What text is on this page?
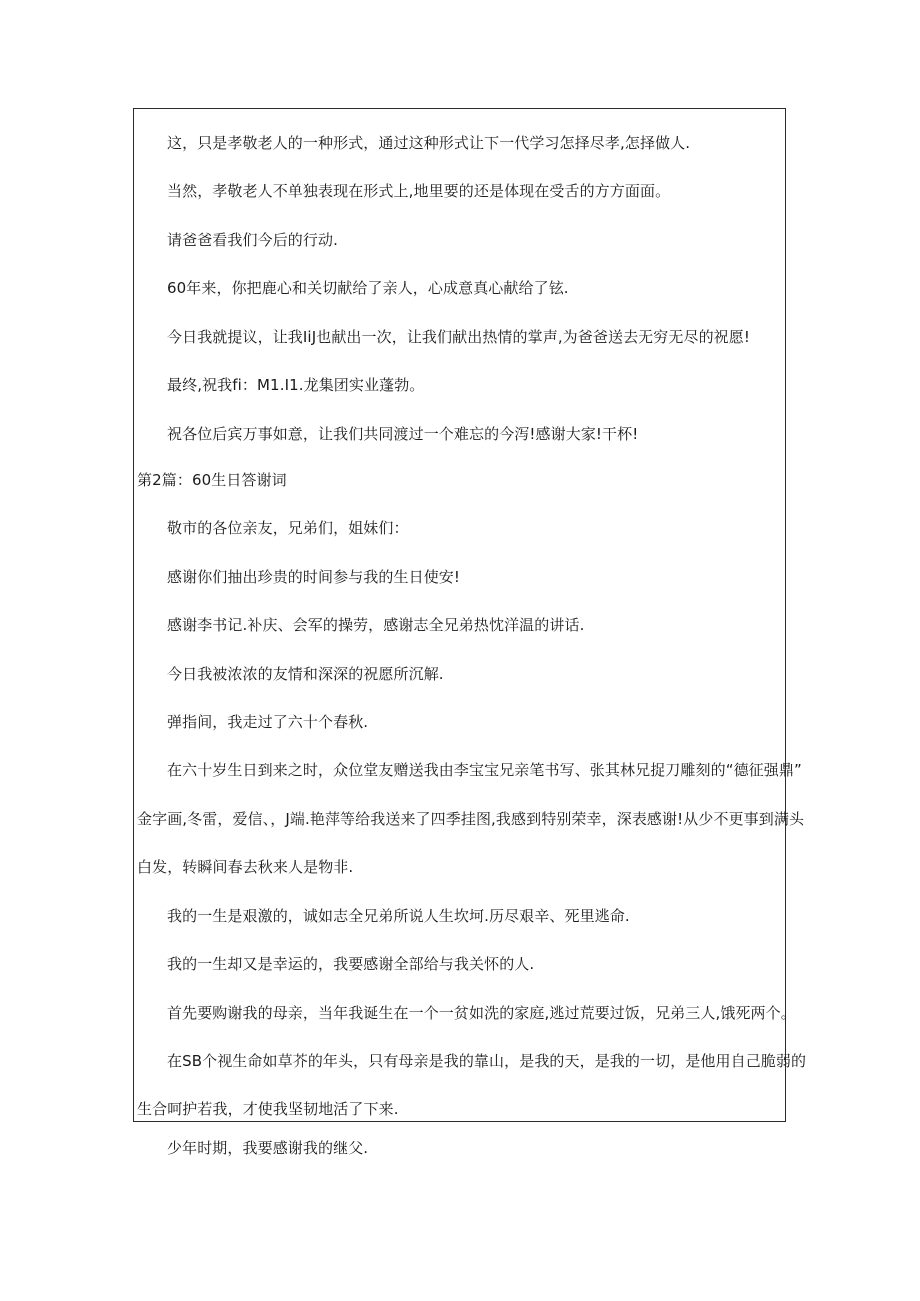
这，只是孝敬老人的一种形式，通过这种形式让下一代学习怎择尽孝,怎择做人.
当然，孝敬老人不单独表现在形式上,地里要的还是体现在受舌的方方面面。
请爸爸看我们今后的行动.
60年来，你把鹿心和关切献给了亲人，心成意真心献给了铉.
今日我就提议，让我IiJ也献出一次，让我们献出热情的掌声,为爸爸送去无穷无尽的祝愿!
最终,祝我fi：M1.I1.龙集团实业蓬勃。
祝各位后宾万事如意，让我们共同渡过一个难忘的今泻!感谢大家!干杯!
第2篇：60生日答谢词
敬市的各位亲友，兄弟们，姐妹们：
感谢你们抽出珍贵的时间参与我的生日使安!
感谢李书记.补庆、会军的操劳，感谢志全兄弟热忱洋温的讲话.
今日我被浓浓的友情和深深的祝愿所沉解.
弹指间，我走过了六十个春秋.
在六十岁生日到来之时，众位堂友赠送我由李宝宝兄亲笔书写、张其林兄捉刀雕刻的“德征强鼎”
金字画,冬雷，爱信、，J端.艳萍等给我送来了四季挂图,我感到特别荣幸，深表感谢!从少不更事到满头
白发，转瞬间春去秋来人是物非.
我的一生是艰激的，诚如志全兄弟所说人生坎坷.历尽艰辛、死里逃命.
我的一生却又是幸运的，我要感谢全部给与我关怀的人.
首先要购谢我的母亲，当年我诞生在一个一贫如洗的家庭,逃过荒要过饭，兄弟三人,饿死两个。
在SB个视生命如草芥的年头，只有母亲是我的靠山，是我的天，是我的一切，是他用自己脆弱的
生合呵护若我，才使我坚韧地活了下来.
少年时期，我要感谢我的继父.
